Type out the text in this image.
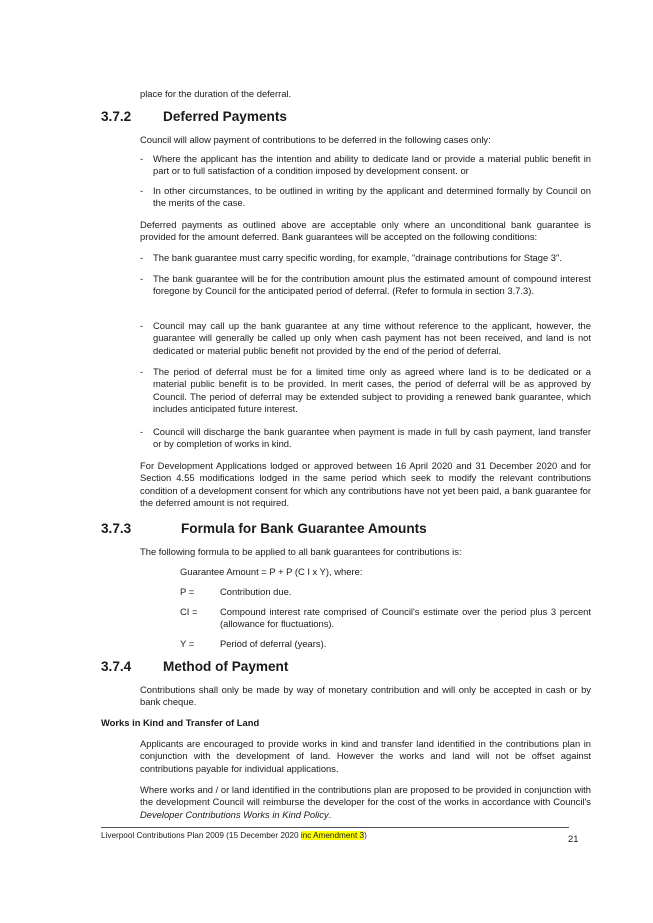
place for the duration of the deferral.

3.7.2 Deferred Payments

Council will allow payment of contributions to be deferred in the following cases only:

- Where the applicant has the intention and ability to dedicate land or provide a material public benefit in part or to full satisfaction of a condition imposed by development consent. or
- In other circumstances, to be outlined in writing by the applicant and determined formally by Council on the merits of the case.

Deferred payments as outlined above are acceptable only where an unconditional bank guarantee is provided for the amount deferred. Bank guarantees will be accepted on the following conditions:

- The bank guarantee must carry specific wording, for example, "drainage contributions for Stage 3".
- The bank guarantee will be for the contribution amount plus the estimated amount of compound interest foregone by Council for the anticipated period of deferral. (Refer to formula in section 3.7.3).
- Council may call up the bank guarantee at any time without reference to the applicant, however, the guarantee will generally be called up only when cash payment has not been received, and land is not dedicated or material public benefit not provided by the end of the period of deferral.
- The period of deferral must be for a limited time only as agreed where land is to be dedicated or a material public benefit is to be provided. In merit cases, the period of deferral will be as approved by Council. The period of deferral may be extended subject to providing a renewed bank guarantee, which includes anticipated future interest.
- Council will discharge the bank guarantee when payment is made in full by cash payment, land transfer or by completion of works in kind.

For Development Applications lodged or approved between 16 April 2020 and 31 December 2020 and for Section 4.55 modifications lodged in the same period which seek to modify the relevant contributions condition of a development consent for which any contributions have not yet been paid, a bank guarantee for the deferred amount is not required.

3.7.3	Formula for Bank Guarantee Amounts

The following formula to be applied to all bank guarantees for contributions is:

Guarantee Amount = P + P (C I x Y), where:

P =	Contribution due.
CI = Compound interest rate comprised of Council's estimate over the period plus 3 percent (allowance for fluctuations).
Y =	Period of deferral (years).
3.7.4 Method of Payment

Contributions shall only be made by way of monetary contribution and will only be accepted in cash or by bank cheque.

Works in Kind and Transfer of Land

Applicants are encouraged to provide works in kind and transfer land identified in the contributions plan in conjunction with the development of land. However the works and land will not be offset against contributions payable for individual applications.

Where works and / or land identified in the contributions plan are proposed to be provided in conjunction with the development Council will reimburse the developer for the cost of the works in accordance with Council's Developer Contributions Works in Kind Policy.

Liverpool Contributions Plan 2009 (15 December 2020 inc Amendment 3)	21
